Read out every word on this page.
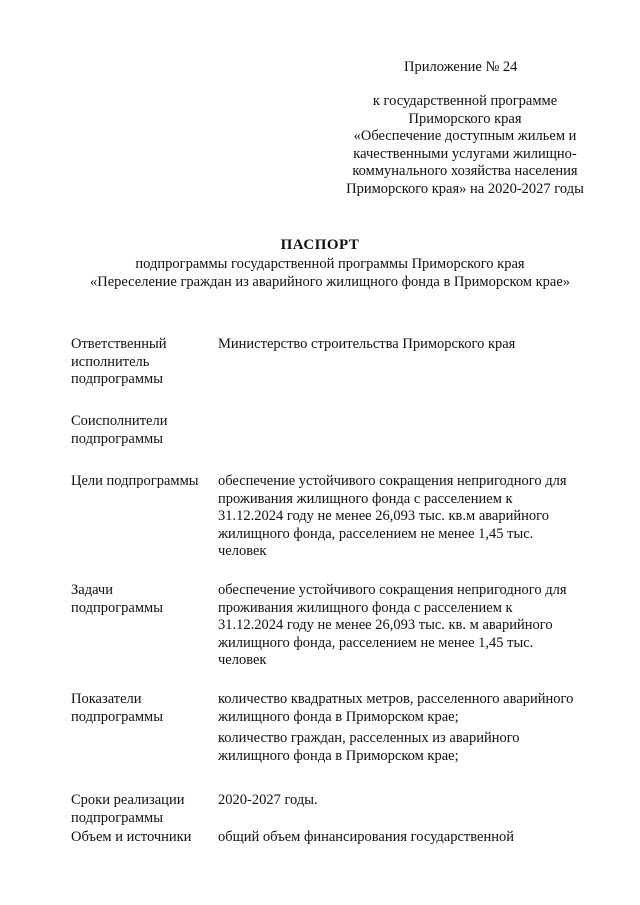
Приложение № 24
к государственной программе
Приморского края
«Обеспечение доступным жильем и
качественными услугами жилищно-
коммунального хозяйства населения
Приморского края» на 2020-2027 годы
ПАСПОРТ
подпрограммы государственной программы Приморского края
«Переселение граждан из аварийного жилищного фонда в Приморском крае»
Ответственный
исполнитель
подпрограммы
Министерство строительства Приморского края
Соисполнители
подпрограммы
Цели подпрограммы	обеспечение устойчивого сокращения непригодного для
проживания жилищного фонда с расселением к
31.12.2024 году не менее 26,093 тыс. кв.м аварийного
жилищного фонда, расселением не менее 1,45 тыс.
человек
Задачи
подпрограммы
обеспечение устойчивого сокращения непригодного для
проживания жилищного фонда с расселением к
31.12.2024 году не менее 26,093 тыс. кв. м аварийного
жилищного фонда, расселением не менее 1,45 тыс.
человек
Показатели
подпрограммы
количество квадратных метров, расселенного аварийного
жилищного фонда в Приморском крае;
количество граждан, расселенных из аварийного
жилищного фонда в Приморском крае;
Сроки реализации
подпрограммы
2020-2027 годы.
Объем и источники	общий объем финансирования государственной
